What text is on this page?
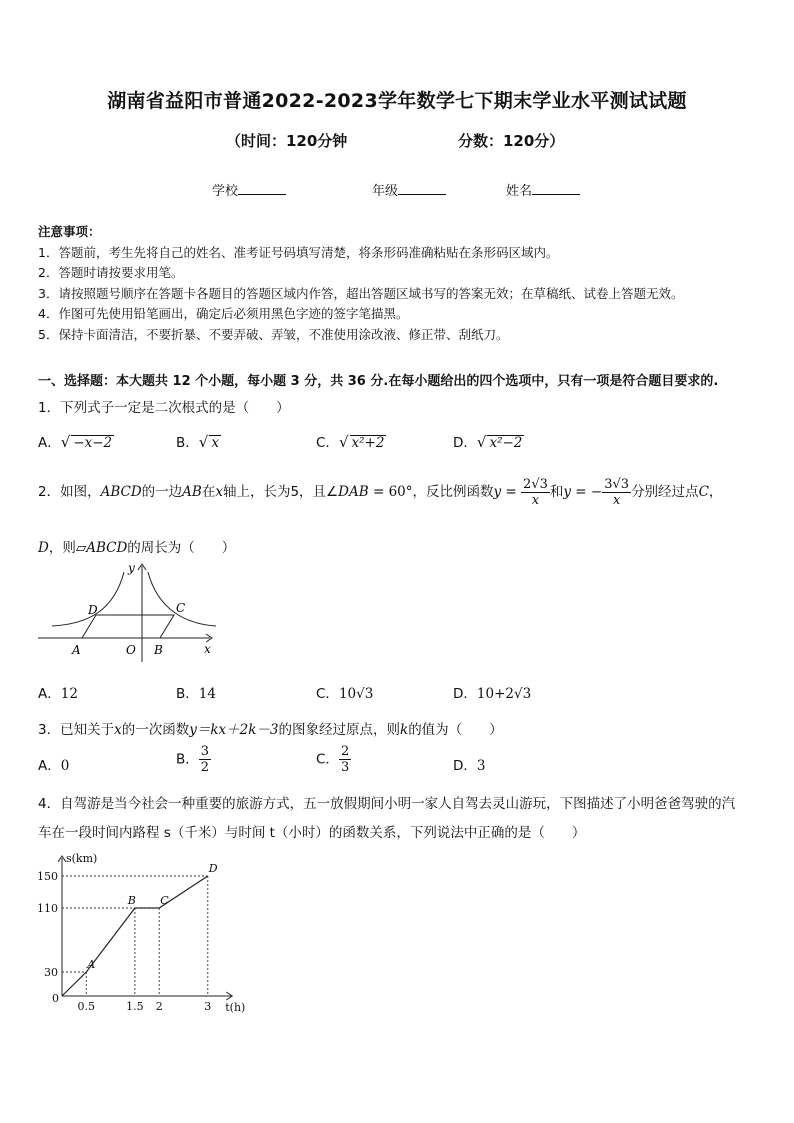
湖南省益阳市普通2022-2023学年数学七下期末学业水平测试试题
（时间：120分钟	分数：120分）
学校	年级	姓名
注意事项：
1．答题前，考生先将自己的姓名、准考证号码填写清楚，将条形码准确粘贴在条形码区域内。
2．答题时请按要求用笔。
3．请按照题号顺序在答题卡各题目的答题区域内作答，超出答题区域书写的答案无效；在草稿纸、试卷上答题无效。
4．作图可先使用铅笔画出，确定后必须用黑色字迹的签字笔描黑。
5．保持卡面清洁，不要折暴、不要弄破、弄皱，不准使用涂改液、修正带、刮纸刀。
一、选择题：本大题共 12 个小题，每小题 3 分，共 36 分.在每小题给出的四个选项中，只有一项是符合题目要求的.
1．下列式子一定是二次根式的是（　　）
A．√ −x−2	B．√ x	C．√ x²+2	D．√ x²−2
2．如图，ABCD的一边AB在x轴上，长为5，且∠DAB = 60°，反比例函数$y = \frac{2√3}{x}$ 和y = − $\frac{3√3}{x}$ 分别经过点C，
D，则▱ABCD的周长为（　　）
y
x
O
A	B
D	C
A．12	B．14	C．10√3	D．10+2√3
3．已知关于x的一次函数y＝kx＋2k－3的图象经过原点，则k的值为（　　）
A．0	B． $\frac{3}{2}$	C． $\frac{2}{3}$	D．3
4．自驾游是当今社会一种重要的旅游方式，五一放假期间小明一家人自驾去灵山游玩，下图描述了小明爸爸驾驶的汽
车在一段时间内路程 s（千米）与时间 t（小时）的函数关系，下列说法中正确的是（　　）
s(km)
t(h)
0
0.5	1.5 2	3
30
110
150
A
B C
D
